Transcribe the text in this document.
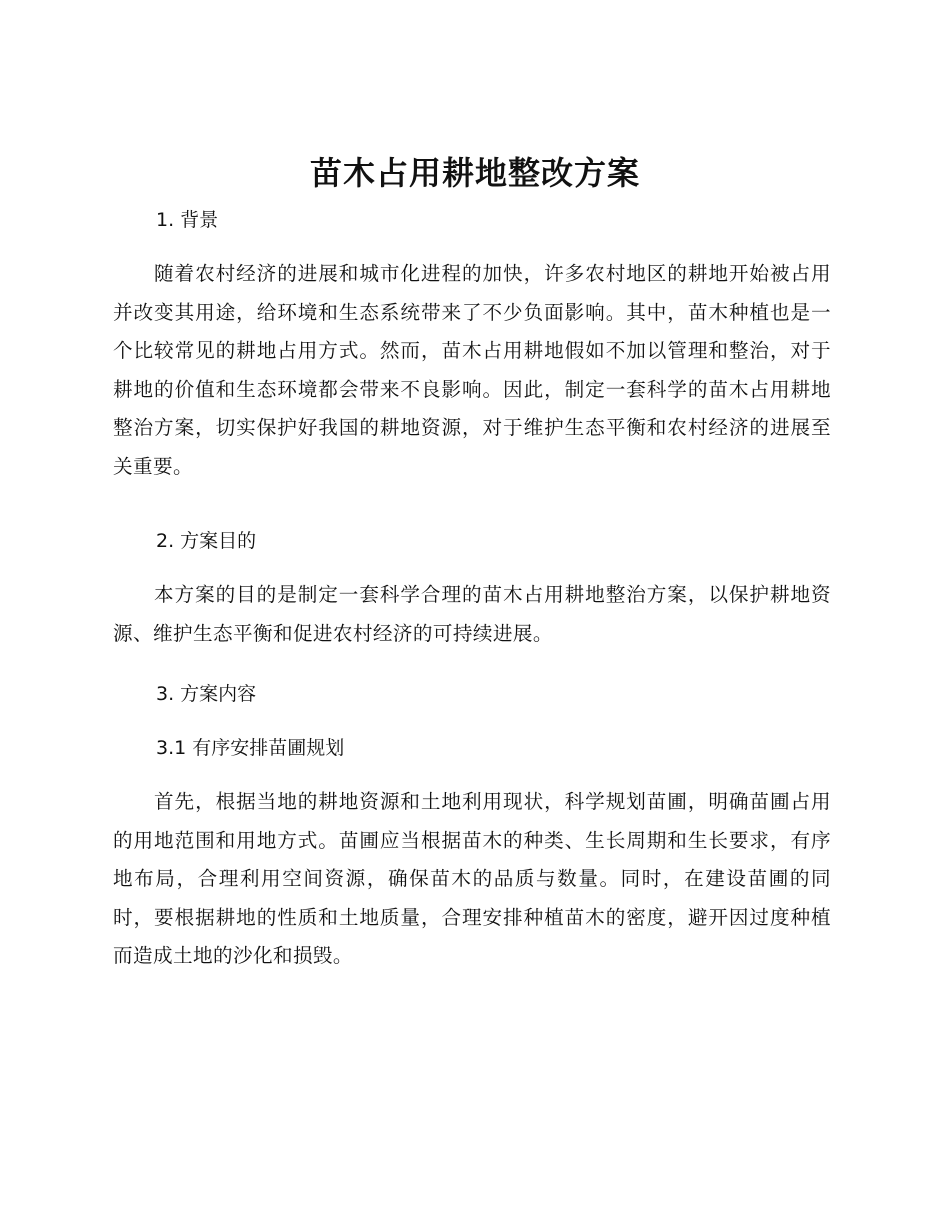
苗木占用耕地整改方案
1. 背景

随着农村经济的进展和城市化进程的加快，许多农村地区的耕地开始被占用并改变其用途，给环境和生态系统带来了不少负面影响。其中，苗木种植也是一个比较常见的耕地占用方式。然而，苗木占用耕地假如不加以管理和整治，对于耕地的价值和生态环境都会带来不良影响。因此，制定一套科学的苗木占用耕地整治方案，切实保护好我国的耕地资源，对于维护生态平衡和农村经济的进展至关重要。

2. 方案目的

本方案的目的是制定一套科学合理的苗木占用耕地整治方案，以保护耕地资源、维护生态平衡和促进农村经济的可持续进展。

3. 方案内容
3.1 有序安排苗圃规划

首先，根据当地的耕地资源和土地利用现状，科学规划苗圃，明确苗圃占用的用地范围和用地方式。苗圃应当根据苗木的种类、生长周期和生长要求，有序地布局，合理利用空间资源，确保苗木的品质与数量。同时，在建设苗圃的同时，要根据耕地的性质和土地质量，合理安排种植苗木的密度，避开因过度种植而造成土地的沙化和损毁。
